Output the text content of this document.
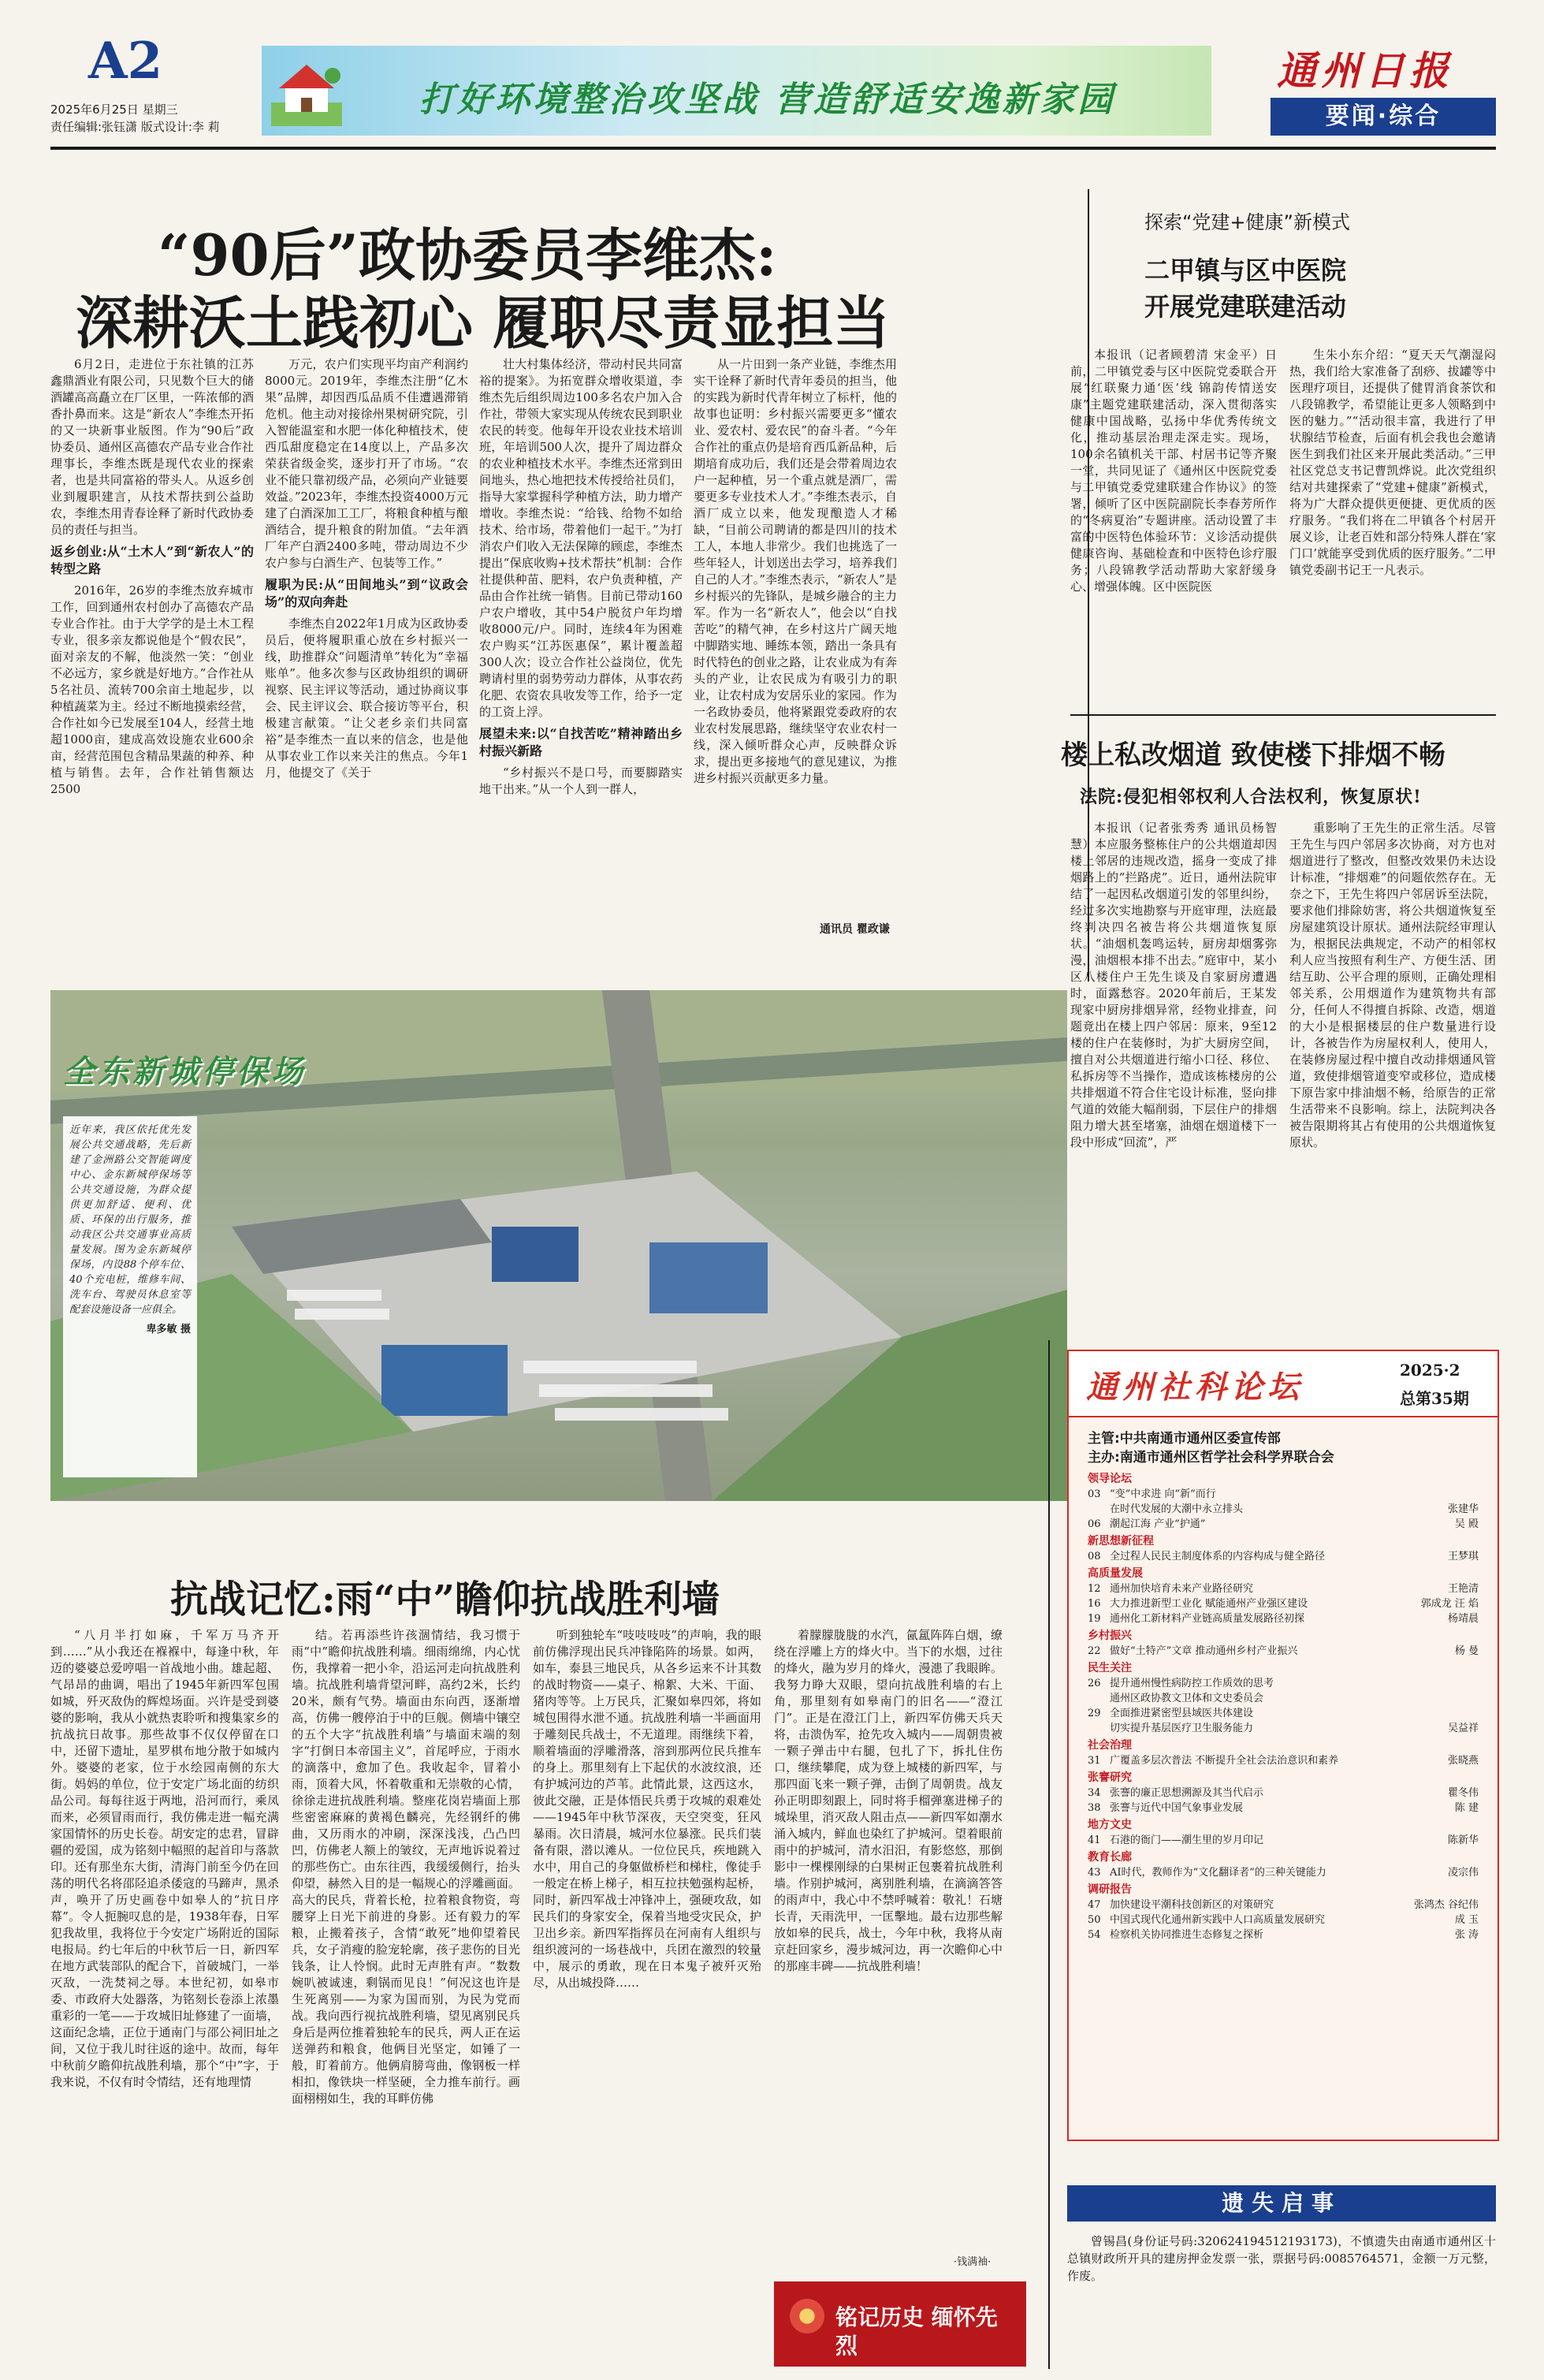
A2
2025年6月25日 星期三
责任编辑:张钰潇 版式设计:李 莉
打好环境整治攻坚战 营造舒适安逸新家园
通州日报
要闻·综合
“90后”政协委员李维杰:
深耕沃土践初心 履职尽责显担当

6月2日，走进位于东社镇的江苏鑫鼎酒业有限公司，只见数个巨大的储酒罐高高矗立在厂区里，一阵浓郁的酒香扑鼻而来。这是“新农人”李维杰开拓的又一块新事业版图。作为“90后”政协委员、通州区高德农产品专业合作社理事长，李维杰既是现代农业的探索者，也是共同富裕的带头人。从返乡创业到履职建言，从技术帮扶到公益助农，李维杰用青春诠释了新时代政协委员的责任与担当。

返乡创业:从“土木人”到“新农人”的转型之路

2016年，26岁的李维杰放弃城市工作，回到通州农村创办了高德农产品专业合作社。由于大学学的是土木工程专业，很多亲友都说他是个“假农民”，面对亲友的不解，他淡然一笑：“创业不必远方，家乡就是好地方。”合作社从5名社员、流转700余亩土地起步，以种植蔬菜为主。经过不断地摸索经营，合作社如今已发展至104人，经营土地超1000亩，建成高效设施农业600余亩，经营范围包含精品果蔬的种养、种植与销售。去年，合作社销售额达2500

万元，农户们实现平均亩产利润约8000元。2019年，李维杰注册“亿木果”品牌，却因西瓜品质不佳遭遇滞销危机。他主动对接徐州果树研究院，引入智能温室和水肥一体化种植技术，使西瓜甜度稳定在14度以上，产品多次荣获省级金奖，逐步打开了市场。“农业不能只靠初级产品，必须向产业链要效益。”2023年，李维杰投资4000万元建了白酒深加工工厂，将粮食种植与酿酒结合，提升粮食的附加值。“去年酒厂年产白酒2400多吨，带动周边不少农户参与白酒生产、包装等工作。”

履职为民:从“田间地头”到“议政会场”的双向奔赴

李维杰自2022年1月成为区政协委员后，便将履职重心放在乡村振兴一线，助推群众“问题清单”转化为“幸福账单”。他多次参与区政协组织的调研视察、民主评议等活动，通过协商议事会、民主评议会、联合接访等平台，积极建言献策。“让父老乡亲们共同富裕”是李维杰一直以来的信念，也是他从事农业工作以来关注的焦点。今年1月，他提交了《关于

壮大村集体经济，带动村民共同富裕的提案》。为拓宽群众增收渠道，李维杰先后组织周边100多名农户加入合作社，带领大家实现从传统农民到职业农民的转变。他每年开设农业技术培训班，年培训500人次，提升了周边群众的农业种植技术水平。李维杰还常到田间地头，热心地把技术传授给社员们，指导大家掌握科学种植方法，助力增产增收。李维杰说：“给钱、给物不如给技术、给市场，带着他们一起干。”为打消农户们收入无法保障的顾虑，李维杰提出“保底收购+技术帮扶”机制：合作社提供种苗、肥料，农户负责种植，产品由合作社统一销售。目前已带动160户农户增收，其中54户脱贫户年均增收8000元/户。同时，连续4年为困难农户购买“江苏医惠保”，累计覆盖超300人次；设立合作社公益岗位，优先聘请村里的弱势劳动力群体，从事农药化肥、农资农具收发等工作，给予一定的工资上浮。

展望未来:以“自找苦吃”精神踏出乡村振兴新路

“乡村振兴不是口号，而要脚踏实地干出来。”从一个人到一群人，

从一片田到一条产业链，李维杰用实干诠释了新时代青年委员的担当，他的实践为新时代青年树立了标杆，他的故事也证明：乡村振兴需要更多“懂农业、爱农村、爱农民”的奋斗者。“今年合作社的重点仍是培育西瓜新品种，后期培育成功后，我们还是会带着周边农户一起种植，另一个重点就是酒厂，需要更多专业技术人才。”李维杰表示，自酒厂成立以来，他发现酿造人才稀缺，“目前公司聘请的都是四川的技术工人，本地人非常少。我们也挑选了一些年轻人，计划送出去学习，培养我们自己的人才。”李维杰表示，“新农人”是乡村振兴的先锋队，是城乡融合的主力军。作为一名“新农人”，他会以“自找苦吃”的精气神，在乡村这片广阔天地中脚踏实地、睡练本领，踏出一条具有时代特色的创业之路，让农业成为有奔头的产业，让农民成为有吸引力的职业，让农村成为安居乐业的家园。作为一名政协委员，他将紧跟党委政府的农业农村发展思路，继续坚守农业农村一线，深入倾听群众心声，反映群众诉求，提出更多接地气的意见建议，为推进乡村振兴贡献更多力量。

通讯员 瞿政谦
探索“党建+健康”新模式
二甲镇与区中医院
开展党建联建活动

本报讯（记者顾碧清 宋金平）日前，二甲镇党委与区中医院党委联合开展“红联聚力通‘医’线 锦韵传情送安康”主题党建联建活动，深入贯彻落实健康中国战略，弘扬中华优秀传统文化，推动基层治理走深走实。现场，100余名镇机关干部、村居书记等齐聚一堂，共同见证了《通州区中医院党委与二甲镇党委党建联建合作协议》的签署，倾听了区中医院副院长李春芳所作的“冬病夏治”专题讲座。活动设置了丰富的中医特色体验环节：义诊活动提供健康咨询、基础检查和中医特色诊疗服务；八段锦教学活动帮助大家舒缓身心、增强体魄。区中医院医

生朱小东介绍：“夏天天气潮湿闷热，我们给大家准备了刮痧、拔罐等中医理疗项目，还提供了健胃消食茶饮和八段锦教学，希望能让更多人领略到中医的魅力。”“活动很丰富，我进行了甲状腺结节检查，后面有机会我也会邀请医生到我们社区来开展此类活动。”三甲社区党总支书记曹凯烨说。此次党组织结对共建探索了“党建+健康”新模式，将为广大群众提供更便捷、更优质的医疗服务。“我们将在二甲镇各个村居开展义诊，让老百姓和部分特殊人群在‘家门口’就能享受到优质的医疗服务。”二甲镇党委副书记王一凡表示。

楼上私改烟道 致使楼下排烟不畅
法院:侵犯相邻权利人合法权利，恢复原状!

本报讯（记者张秀秀 通讯员杨智慧）本应服务整栋住户的公共烟道却因楼上邻居的违规改造，摇身一变成了排烟路上的“拦路虎”。近日，通州法院审结了一起因私改烟道引发的邻里纠纷，经过多次实地勘察与开庭审理，法庭最终判决四名被告将公共烟道恢复原状。“油烟机轰鸣运转，厨房却烟雾弥漫，油烟根本排不出去。”庭审中，某小区八楼住户王先生谈及自家厨房遭遇时，面露愁容。2020年前后，王某发现家中厨房排烟异常，经物业排查，问题竟出在楼上四户邻居：原来，9至12楼的住户在装修时，为扩大厨房空间，擅自对公共烟道进行缩小口径、移位、私拆房等不当操作，造成该栋楼房的公共排烟道不符合住宅设计标准，竖向排气道的效能大幅削弱，下层住户的排烟阻力增大甚至堵塞，油烟在烟道楼下一段中形成“回流”，严

重影响了王先生的正常生活。尽管王先生与四户邻居多次协商，对方也对烟道进行了整改，但整改效果仍未达设计标准，“排烟难”的问题依然存在。无奈之下，王先生将四户邻居诉至法院，要求他们排除妨害，将公共烟道恢复至房屋建筑设计原状。通州法院经审理认为，根据民法典规定，不动产的相邻权利人应当按照有利生产、方便生活、团结互助、公平合理的原则，正确处理相邻关系，公用烟道作为建筑物共有部分，任何人不得擅自拆除、改造，烟道的大小是根据楼层的住户数量进行设计，各被告作为房屋权利人，使用人，在装修房屋过程中擅自改动排烟通风管道，致使排烟管道变窄或移位，造成楼下原告家中排油烟不畅，给原告的正常生活带来不良影响。综上，法院判决各被告限期将其占有使用的公共烟道恢复原状。

全东新城停保场
近年来，我区依托优先发展公共交通战略，先后新建了金洲路公交智能调度中心、金东新城停保场等公共交通设施，为群众提供更加舒适、便利、优质、环保的出行服务，推动我区公共交通事业高质量发展。图为金东新城停保场，内设88个停车位、40个充电桩，维修车间、洗车台、驾驶员休息室等配套设施设备一应俱全。
卑多敏 摄
抗战记忆:雨“中”瞻仰抗战胜利墙

“八月半打如麻，千军万马齐开到……”从小我还在褓褓中，每逢中秋，年迈的婆婆总爱哼唱一首战地小曲。雄起超、气昂昂的曲调，唱出了1945年新四军包围如城，歼灭敌伪的辉煌场面。兴许是受到婆婆的影响，我从小就热衷聆听和搜集家乡的抗战抗日故事。那些故事不仅仅停留在口中，还留下遗址，星罗棋布地分散于如城内外。婆婆的老家，位于水绘园南侧的东大街。妈妈的单位，位于安定广场北面的纺织品公司。每每往返于两地，沿河而行，乘凤而来，必须冒雨而行，我仿佛走进一幅充满家国情怀的历史长卷。胡安定的忠君，冒辟疆的爱国，成为铭刻中幅照的起首印与落款印。还有那坐东大街，清海门前至今仍在回荡的明代名将邵陉追杀倭寇的马蹄声，黑杀声，唤开了历史画卷中如皋人的“抗日序幕”。令人扼腕叹息的是，1938年春，日军犯我故里，我将位于今安定广场附近的国际电报局。约七年后的中秋节后一日，新四军在地方武装部队的配合下，首破城门，一举灭敌，一洗焚祠之辱。本世纪初，如皋市委、市政府大处器落，为铭刻长卷添上浓墨重彩的一笔——于攻城旧址修建了一面墙，这面纪念墙，正位于通南门与邵公祠旧址之间，又位于我儿时往返的途中。故而，每年中秋前夕瞻仰抗战胜利墙，那个“中”字，于我来说，不仅有时令情结，还有地理情

结。若再添些许孩涸情结，我习惯于雨“中”瞻仰抗战胜利墙。细雨绵绵，内心忧伤，我撑着一把小伞，沿运河走向抗战胜利墙。抗战胜利墙背望河畔，高约2米，长约20米，颇有气势。墙面由东向西，逐渐增高，仿佛一艘停泊于中的巨舰。侧墙中镶空的五个大字“抗战胜利墙”与墙面末端的刻字“打倒日本帝国主义”，首尾呼应，于雨水的滴落中，愈加了色。我收起伞，冒着小雨，顶着大风，怀着敬重和无崇敬的心情，徐徐走进抗战胜利墙。整座花岗岩墙面上那些密密麻麻的黄褐色麟亮，先经钢纤的佛曲，又历雨水的冲刷，深深浅浅，凸凸凹凹，仿佛老人额上的皱纹，无声地诉说着过的那些伤亡。由东往西，我缓缓侧行，抬头仰望，赫然入目的是一幅规心的浮雕画面。高大的民兵，背着长枪，拉着粮食物资，弯腰穿上日光下前进的身影。还有毅力的军粮，止搬着孩子，含情“敢死”地仰望着民兵，女子消瘦的脸宠轮廓，孩子悲伤的目光钱条，让人怜悯。此时无声胜有声。“数数婉叭被诚速，剩锅而见良！”何况这也许是生死离别——为家为国而别，为民为党而战。我向西行视抗战胜利墙，望见离别民兵身后是两位推着独轮车的民兵，两人正在运送弹药和粮食，他俩目光坚定，如锤了一般，盯着前方。他俩肩膀弯曲，像钢板一样相扣，像铁块一样坚硬，全力推车前行。画面栩栩如生，我的耳畔仿佛

听到独轮车“吱吱吱吱”的声响，我的眼前仿佛浮现出民兵冲锋陷阵的场景。如两，如车，泰县三地民兵，从各乡运来不计其数的战时物资——桌子、棉絮、大米、干面、猪肉等等。上万民兵，汇聚如皋四郊，将如城包围得水泄不通。抗战胜利墙一半画面用于雕刻民兵战士，不无道理。雨继续下着，顺着墙面的浮雕滑落，溶到那两位民兵推车的身上。那里刻有上下起伏的水波纹浪，还有护城河边的芦苇。此情此景，这西这水，彼此交融，正是体悟民兵勇于攻城的艰难处——1945年中秋节深夜，天空突变，狂风暴雨。次日清晨，城河水位暴涨。民兵们装备有限，潜以滩从。一位位民兵，疾地跳入水中，用自己的身躯做桥栏和梯柱，像徒手一般定在桥上梯子，相互拉扶勉强构起桥，同时，新四军战士冲锋冲上，强硬攻敌，如民兵们的身家安全，保着当地受灾民众，护卫出乡亲。新四军指挥员在河南有人组织与组织渡河的一场巷战中，兵团在激烈的较量中，展示的勇敢，现在日本鬼子被歼灭殆尽，从出城投降……

着朦朦胧胧的水汽，氤氲阵阵白烟，缭绕在浮雕上方的烽火中。当下的水烟，过往的烽火，融为岁月的烽火，漫漶了我眼眸。我努力睁大双眼，望向抗战胜利墙的右上角，那里刻有如皋南门的旧名——“澄江门”。正是在澄江门上，新四军仿佛天兵天将，击溃伪军，抢先攻入城内——周朝贵被一颗子弹击中右腿，包扎了下，拆扎住伤口，继续攀爬，成为登上城楼的新四军，与那四面飞来一颗子弹，击倒了周朝贵。战友孙正明即刻跟上，同时将手榴弹塞进梯子的城垛里，消灭敌人阻击点——新四军如潮水涌入城内，鲜血也染红了护城河。望着眼前雨中的护城河，清水汨汨，有影悠悠，那倒影中一棵棵刚绿的白果树正包裹着抗战胜利墙。作别护城河，离别胜利墙，在滴滴答答的雨声中，我心中不禁呼喊着：敬礼！石塘长青，天雨洗甲，一匡擊地。最右边那些解放如皋的民兵，战士，今年中秋，我将从南京赶回家乡，漫步城河边，再一次瞻仰心中的那座丰碑——抗战胜利墙！

·钱满袖·
铭记历史 缅怀先烈
通州社科论坛	2025·2
总第35期
主管:中共南通市通州区委宣传部
主办:南通市通州区哲学社会科学界联合会
领导论坛
03 “变”中求进 向“新”而行
在时代发展的大潮中永立排头	张建华
06 潮起江海 产业“护通”	吴 殿
新思想新征程
08 全过程人民民主制度体系的内容构成与健全路径	王梦琪
高质量发展
12 通州加快培育未来产业路径研究	王艳清
16 大力推进新型工业化 赋能通州产业强区建设	郭成龙 汪 焰
19 通州化工新材料产业链高质量发展路径初探	杨靖晨
乡村振兴
22 做好“土特产”文章 推动通州乡村产业振兴	杨 曼
民生关注
26 提升通州慢性病防控工作质效的思考
通州区政协教文卫体和文史委员会
29 全面推进紧密型县域医共体建设
切实提升基层医疗卫生服务能力	吴益祥
社会治理
31 广覆盖多层次普法 不断提升全社会法治意识和素养	张晓燕
张謇研究
34 张謇的廉正思想溯源及其当代启示	瞿冬伟
38 张謇与近代中国气象事业发展	陈 建
地方文史
41 石港的衙门——潮生里的岁月印记	陈新华
教育长廊
43 AI时代，教师作为“文化翻译者”的三种关键能力	凌宗伟
调研报告
47 加快建设平潮科技创新区的对策研究	张鸿杰 谷纪伟
50 中国式现代化通州新实践中人口高质量发展研究	成 玉
54 检察机关协同推进生态修复之探析	张 涛
遗失启事
曾锡昌(身份证号码:320624194512193173)，不慎遗失由南通市通州区十总镇财政所开具的建房押金发票一张，票据号码:0085764571，金额一万元整，作废。
